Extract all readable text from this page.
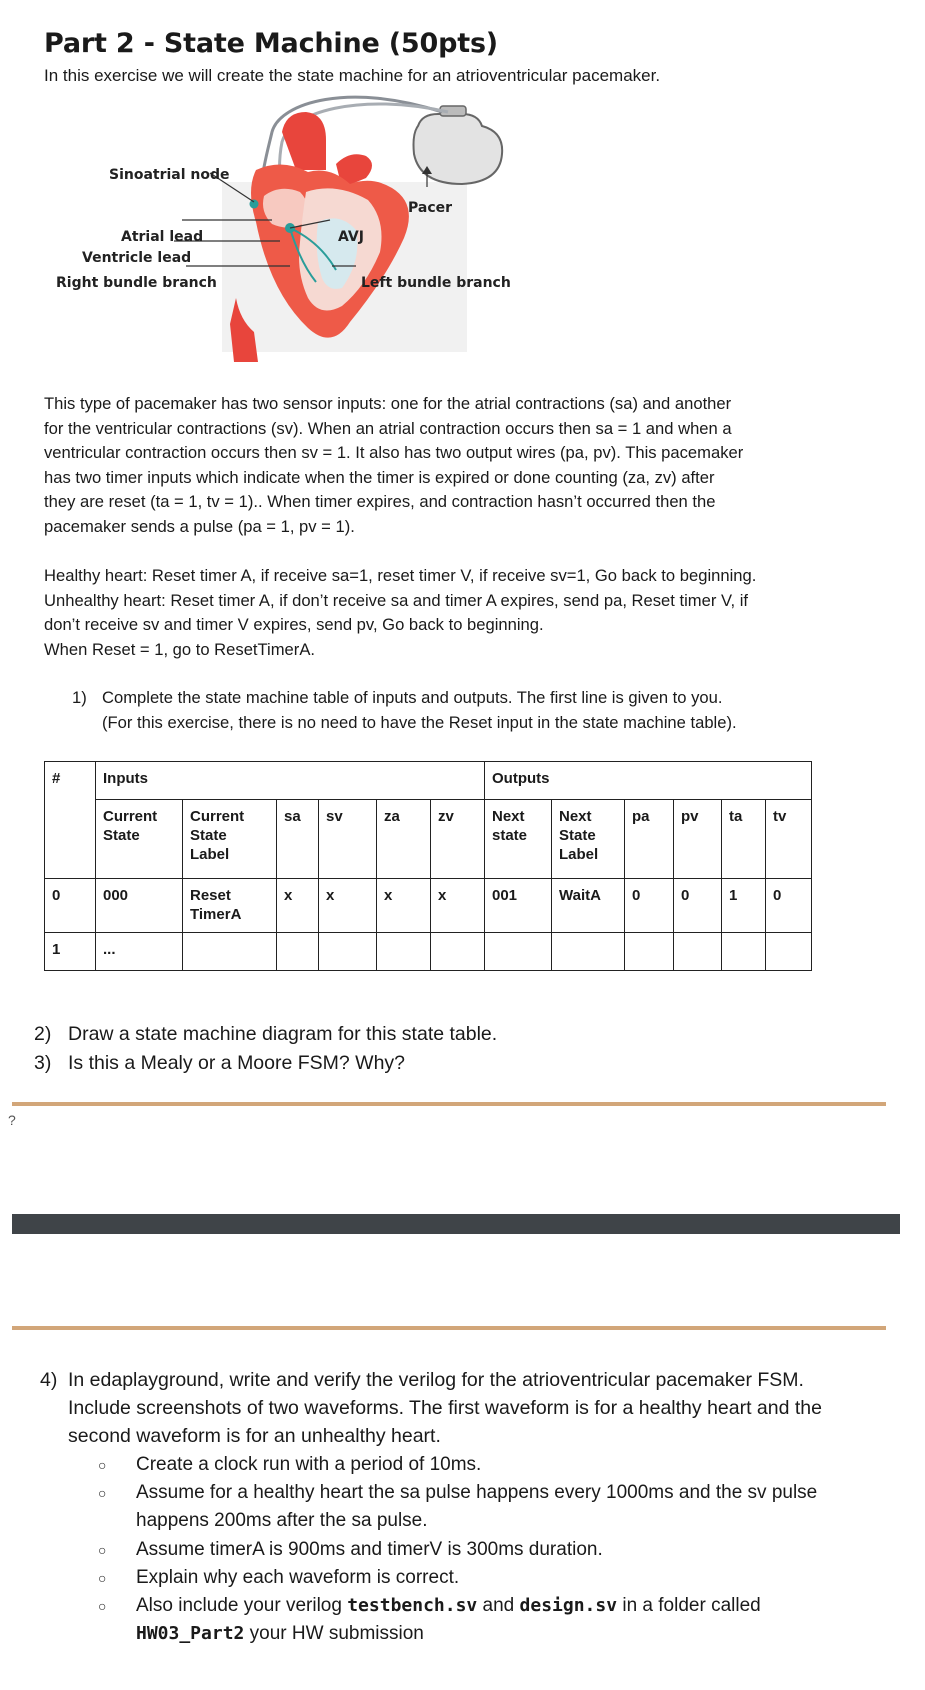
Part 2 - State Machine (50pts)
In this exercise we will create the state machine for an atrioventricular pacemaker.
Sinoatrial node
Pacer
Atrial lead	AVJ
Ventricle lead
Right bundle branch	Left bundle branch
This type of pacemaker has two sensor inputs: one for the atrial contractions (sa) and another
for the ventricular contractions (sv). When an atrial contraction occurs then sa = 1 and when a
ventricular contraction occurs then sv = 1. It also has two output wires (pa, pv). This pacemaker
has two timer inputs which indicate when the timer is expired or done counting (za, zv) after
they are reset (ta = 1, tv = 1).. When timer expires, and contraction hasn’t occurred then the
pacemaker sends a pulse (pa = 1, pv = 1).
Healthy heart: Reset timer A, if receive sa=1, reset timer V, if receive sv=1, Go back to beginning.
Unhealthy heart: Reset timer A, if don’t receive sa and timer A expires, send pa, Reset timer V, if
don’t receive sv and timer V expires, send pv, Go back to beginning.
When Reset = 1, go to ResetTimerA.
1) Complete the state machine table of inputs and outputs. The first line is given to you.
(For this exercise, there is no need to have the Reset input in the state machine table).
#	Inputs						Outputs					
	Current State	Current State Label	sa	sv	za	zv	Next state	Next State Label	pa	pv	ta	tv
0	000	Reset TimerA	x	x	x	x	001	WaitA	0	0	1	0
1	...											
2) Draw a state machine diagram for this state table.
3) Is this a Mealy or a Moore FSM? Why?
?
4) In edaplayground, write and verify the verilog for the atrioventricular pacemaker FSM.
Include screenshots of two waveforms. The first waveform is for a healthy heart and the
second waveform is for an unhealthy heart.
○	Create a clock run with a period of 10ms.
○	Assume for a healthy heart the sa pulse happens every 1000ms and the sv pulse
happens 200ms after the sa pulse.
○	Assume timerA is 900ms and timerV is 300ms duration.
○	Explain why each waveform is correct.
○	Also include your verilog testbench.sv and design.sv in a folder called
HW03_Part2 your HW submission
